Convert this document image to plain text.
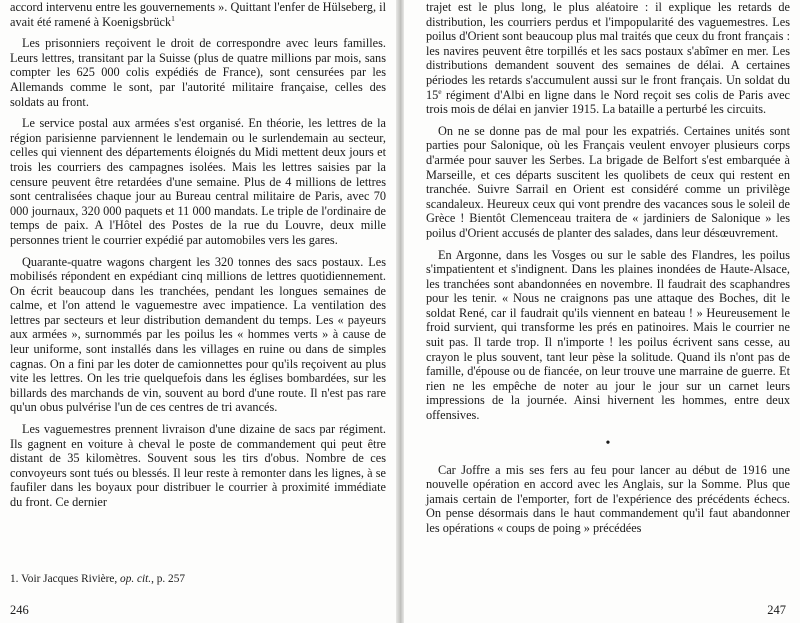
accord intervenu entre les gouvernements ». Quittant l'enfer de Hülseberg, il avait été ramené à Koenigsbrück$^1$

Les prisonniers reçoivent le droit de correspondre avec leurs familles. Leurs lettres, transitant par la Suisse (plus de quatre millions par mois, sans compter les 625 000 colis expédiés de France), sont censurées par les Allemands comme le sont, par l'autorité militaire française, celles des soldats au front.

Le service postal aux armées s'est organisé. En théorie, les lettres de la région parisienne parviennent le lendemain ou le surlendemain au secteur, celles qui viennent des départements éloignés du Midi mettent deux jours et trois les courriers des campagnes isolées. Mais les lettres saisies par la censure peuvent être retardées d'une semaine. Plus de 4 millions de lettres sont centralisées chaque jour au Bureau central militaire de Paris, avec 70 000 journaux, 320 000 paquets et 11 000 mandats. Le triple de l'ordinaire de temps de paix. A l'Hôtel des Postes de la rue du Louvre, deux mille personnes trient le courrier expédié par automobiles vers les gares.

Quarante-quatre wagons chargent les 320 tonnes des sacs postaux. Les mobilisés répondent en expédiant cinq millions de lettres quotidiennement. On écrit beaucoup dans les tranchées, pendant les longues semaines de calme, et l'on attend le vaguemestre avec impatience. La ventilation des lettres par secteurs et leur distribution demandent du temps. Les « payeurs aux armées », surnommés par les poilus les « hommes verts » à cause de leur uniforme, sont installés dans les villages en ruine ou dans de simples cagnas. On a fini par les doter de camionnettes pour qu'ils reçoivent au plus vite les lettres. On les trie quelquefois dans les églises bombardées, sur les billards des marchands de vin, souvent au bord d'une route. Il n'est pas rare qu'un obus pulvérise l'un de ces centres de tri avancés.

Les vaguemestres prennent livraison d'une dizaine de sacs par régiment. Ils gagnent en voiture à cheval le poste de commandement qui peut être distant de 35 kilomètres. Souvent sous les tirs d'obus. Nombre de ces convoyeurs sont tués ou blessés. Il leur reste à remonter dans les lignes, à se faufiler dans les boyaux pour distribuer le courrier à proximité immédiate du front. Ce dernier

1. Voir Jacques Rivière, op. cit., p. 257
246

trajet est le plus long, le plus aléatoire : il explique les retards de distribution, les courriers perdus et l'impopularité des vaguemestres. Les poilus d'Orient sont beaucoup plus mal traités que ceux du front français : les navires peuvent être torpillés et les sacs postaux s'abîmer en mer. Les distributions demandent souvent des semaines de délai. A certaines périodes les retards s'accumulent aussi sur le front français. Un soldat du 15e régiment d'Albi en ligne dans le Nord reçoit ses colis de Paris avec trois mois de délai en janvier 1915. La bataille a perturbé les circuits.

On ne se donne pas de mal pour les expatriés. Certaines unités sont parties pour Salonique, où les Français veulent envoyer plusieurs corps d'armée pour sauver les Serbes. La brigade de Belfort s'est embarquée à Marseille, et ces départs suscitent les quolibets de ceux qui restent en tranchée. Suivre Sarrail en Orient est considéré comme un privilège scandaleux. Heureux ceux qui vont prendre des vacances sous le soleil de Grèce ! Bientôt Clemenceau traitera de « jardiniers de Salonique » les poilus d'Orient accusés de planter des salades, dans leur désœuvrement.

En Argonne, dans les Vosges ou sur le sable des Flandres, les poilus s'impatientent et s'indignent. Dans les plaines inondées de Haute-Alsace, les tranchées sont abandonnées en novembre. Il faudrait des scaphandres pour les tenir. « Nous ne craignons pas une attaque des Boches, dit le soldat René, car il faudrait qu'ils viennent en bateau ! » Heureusement le froid survient, qui transforme les prés en patinoires. Mais le courrier ne suit pas. Il tarde trop. Il n'importe ! les poilus écrivent sans cesse, au crayon le plus souvent, tant leur pèse la solitude. Quand ils n'ont pas de famille, d'épouse ou de fiancée, on leur trouve une marraine de guerre. Et rien ne les empêche de noter au jour le jour sur un carnet leurs impressions de la journée. Ainsi hivernent les hommes, entre deux offensives.

•

Car Joffre a mis ses fers au feu pour lancer au début de 1916 une nouvelle opération en accord avec les Anglais, sur la Somme. Plus que jamais certain de l'emporter, fort de l'expérience des précédents échecs. On pense désormais dans le haut commandement qu'il faut abandonner les opérations « coups de poing » précédées

247
